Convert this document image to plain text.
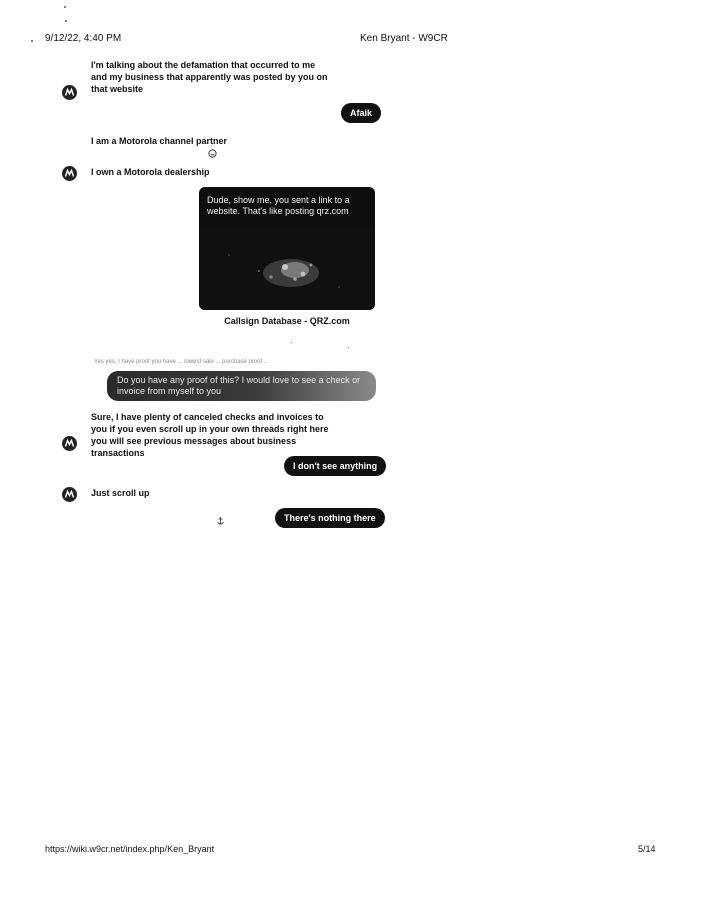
9/12/22, 4:40 PM	Ken Bryant - W9CR
I'm talking about the defamation that occurred to me and my business that apparently was posted by you on that website
Afaik
I am a Motorola channel partner
I own a Motorola dealership
Dude, show me, you sent a link to a website. That's like posting qrz.com
Callsign Database - QRZ.com
Yes yes, I have proof you have ... lowest sale ... purchase proof ...
Do you have any proof of this? I would love to see a check or invoice from myself to you
Sure, I have plenty of canceled checks and invoices to you if you even scroll up in your own threads right here you will see previous messages about business transactions
I don't see anything
Just scroll up
There's nothing there
https://wiki.w9cr.net/index.php/Ken_Bryant	5/14
